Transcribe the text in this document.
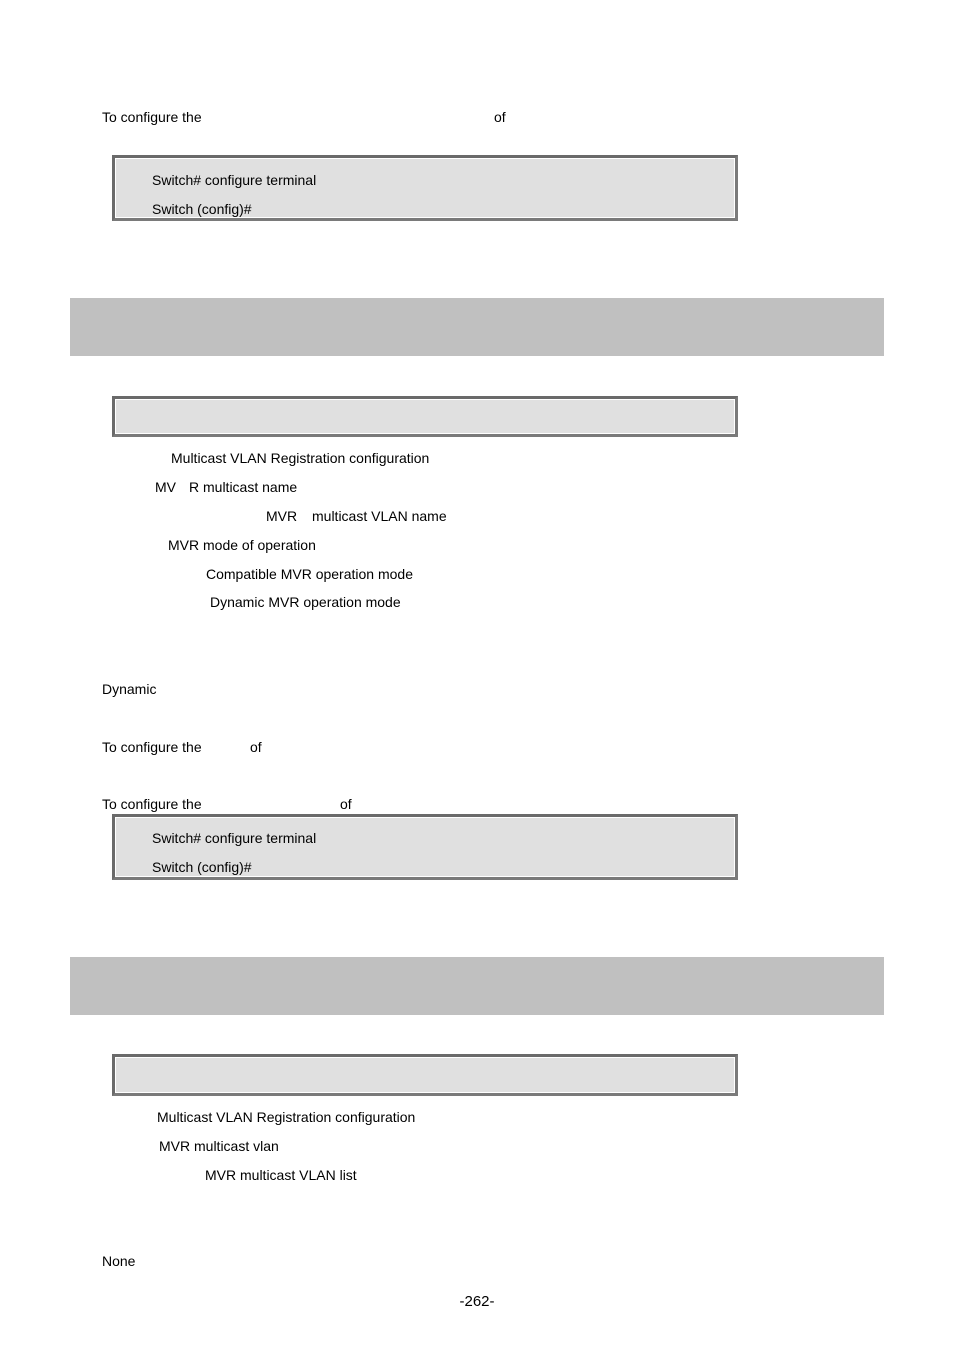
To configure the	of
Switch# configure terminal
Switch (config)#
Multicast VLAN Registration configuration
MV R multicast name
MVR multicast VLAN name
MVR mode of operation
Compatible MVR operation mode
Dynamic MVR operation mode
Dynamic
To configure the	of
To configure the	of
Switch# configure terminal
Switch (config)#
Multicast VLAN Registration configuration
MVR multicast vlan
MVR multicast VLAN list
None
-262-
